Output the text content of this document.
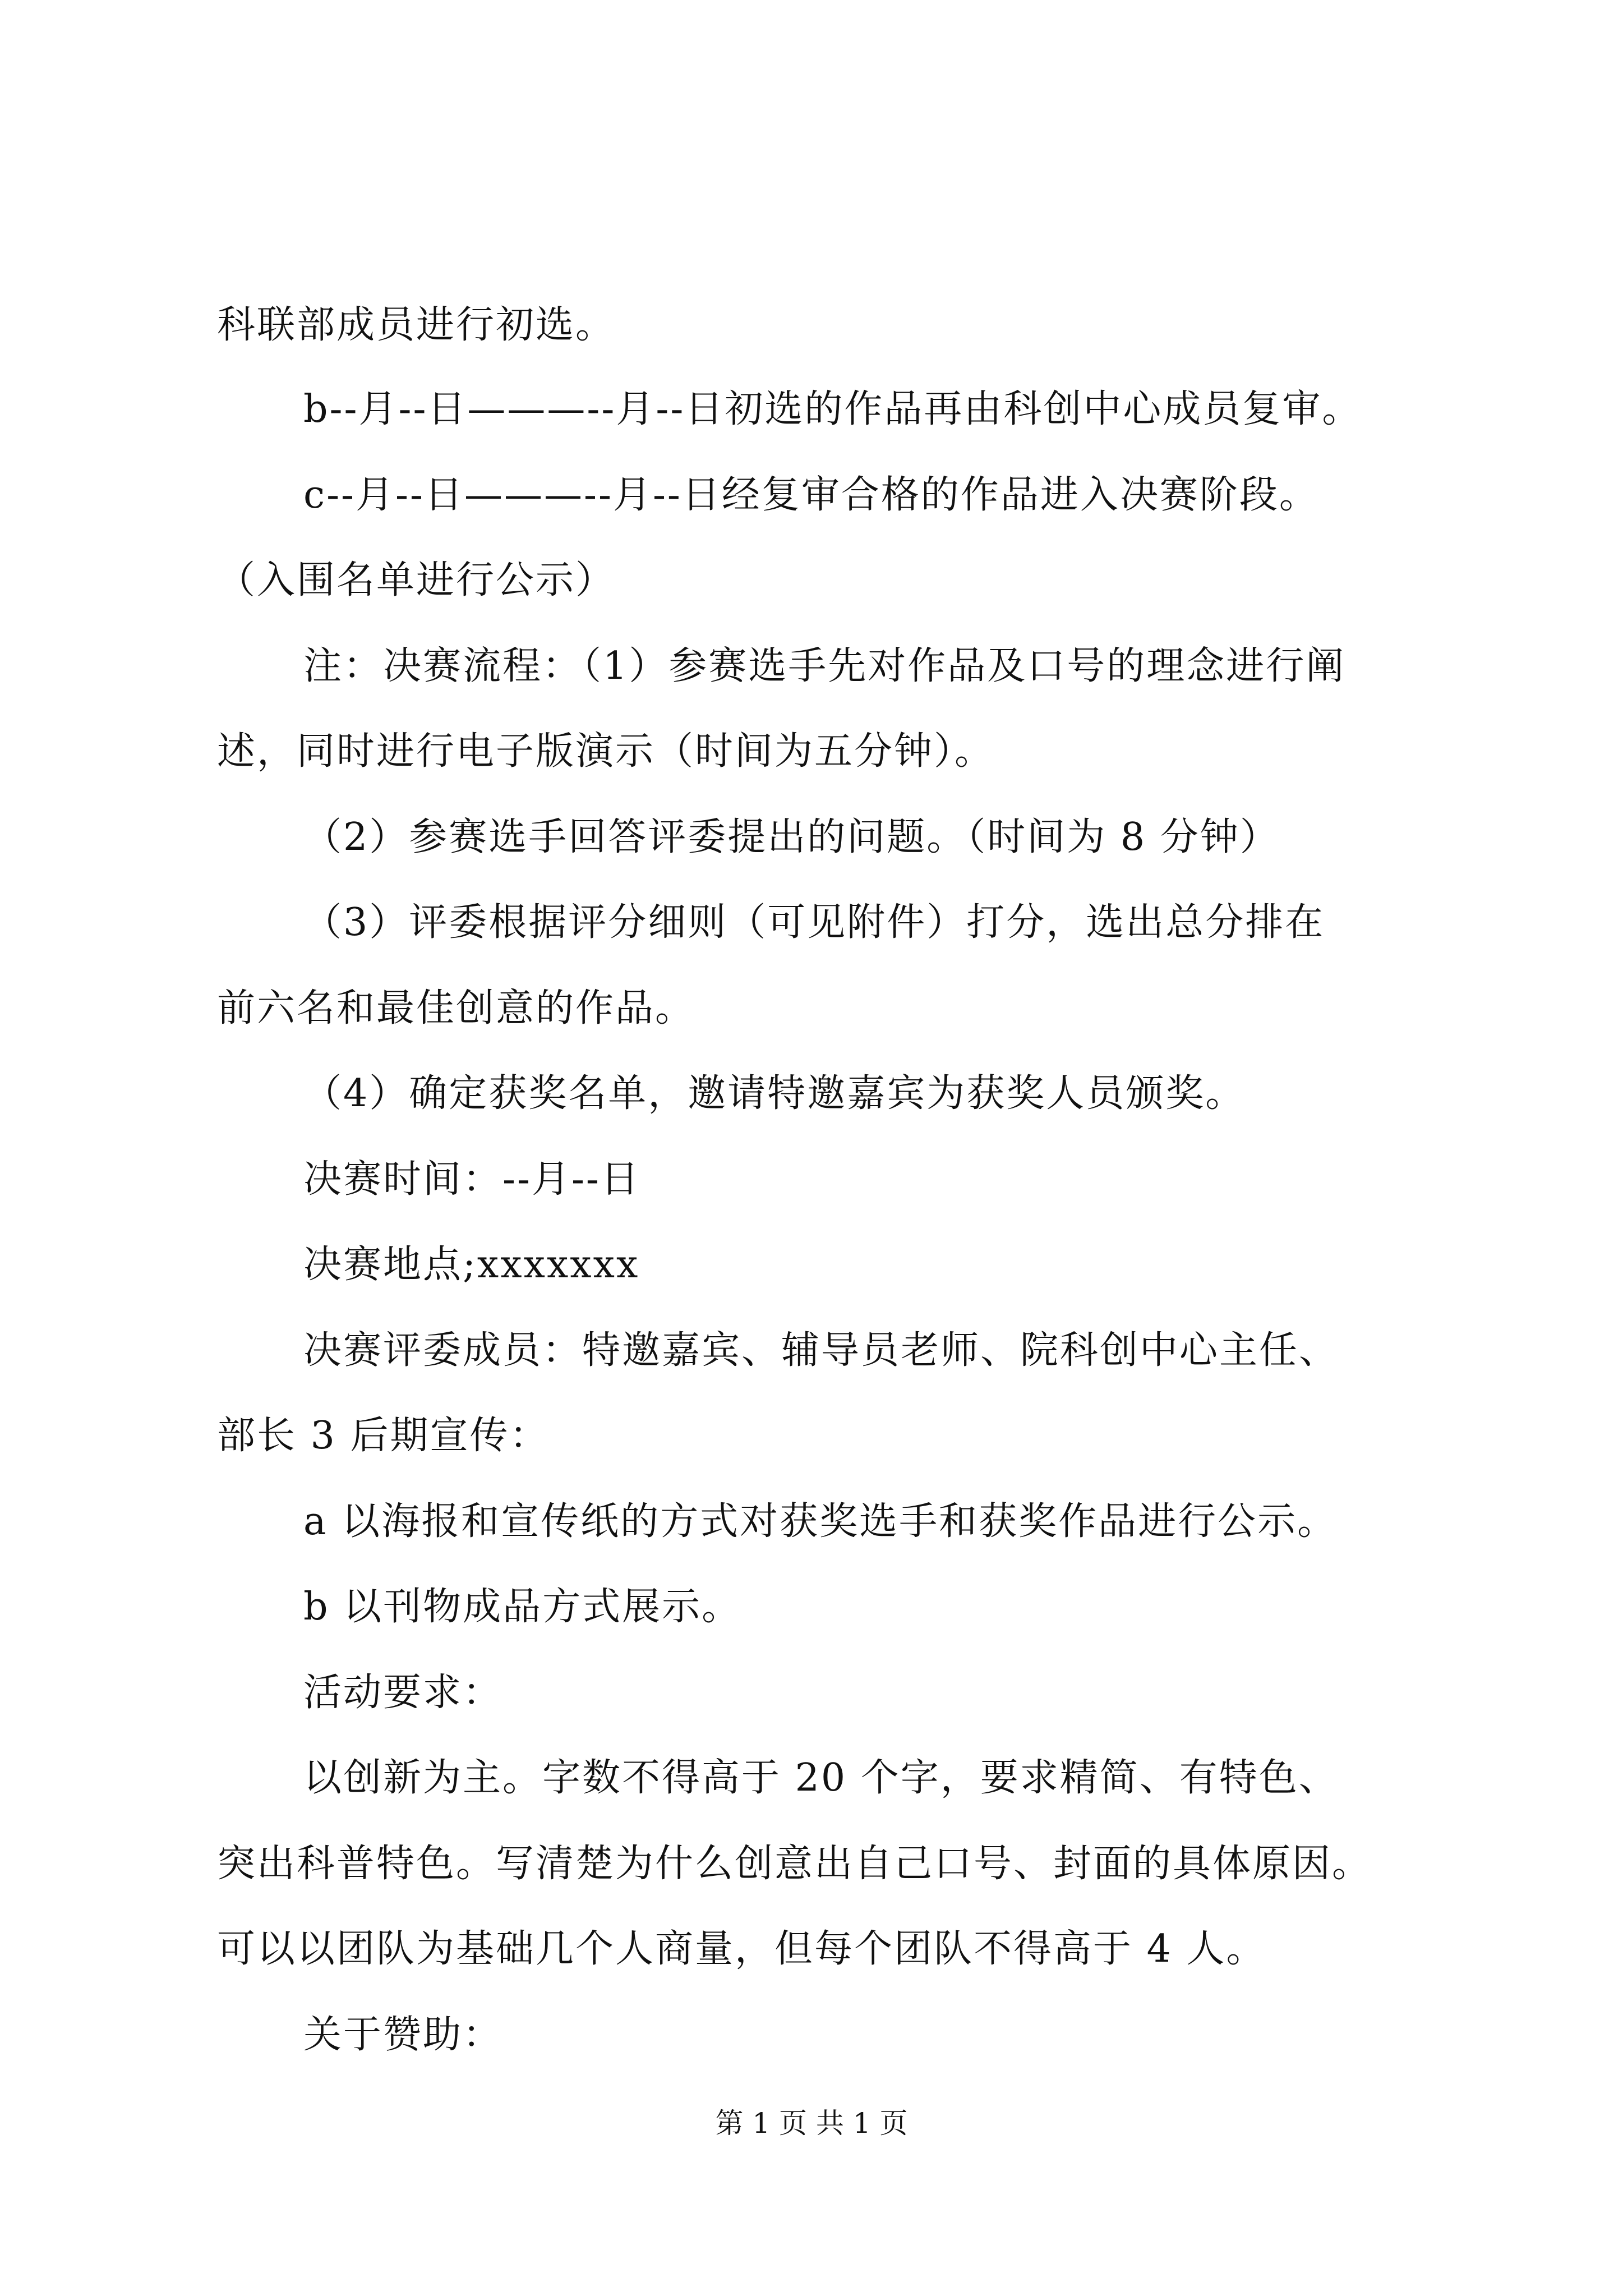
科联部成员进行初选。
b--月--日———--月--日初选的作品再由科创中心成员复审。
c--月--日———--月--日经复审合格的作品进入决赛阶段。
（入围名单进行公示）
注：决赛流程：（1）参赛选手先对作品及口号的理念进行阐
述，同时进行电子版演示（时间为五分钟）。
（2）参赛选手回答评委提出的问题。（时间为 8 分钟）
（3）评委根据评分细则（可见附件）打分，选出总分排在
前六名和最佳创意的作品。
（4）确定获奖名单，邀请特邀嘉宾为获奖人员颁奖。
决赛时间：--月--日
决赛地点;xxxxxxx
决赛评委成员：特邀嘉宾、辅导员老师、院科创中心主任、
部长 3 后期宣传：
a 以海报和宣传纸的方式对获奖选手和获奖作品进行公示。
b 以刊物成品方式展示。
活动要求：
以创新为主。字数不得高于 20 个字，要求精简、有特色、
突出科普特色。写清楚为什么创意出自己口号、封面的具体原因。
可以以团队为基础几个人商量，但每个团队不得高于 4 人。
关于赞助：
第 1 页 共 1 页
